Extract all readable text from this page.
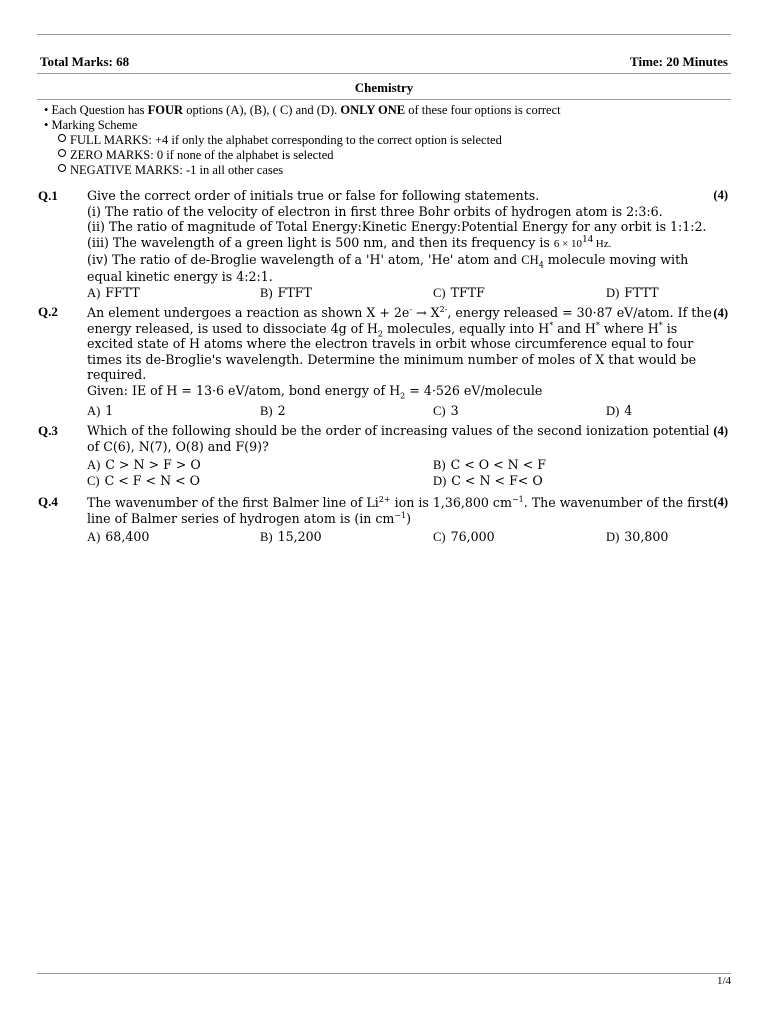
Total Marks: 68	Time: 20 Minutes
Chemistry
• Each Question has FOUR options (A), (B), ( C) and (D). ONLY ONE of these four options is correct
• Marking Scheme
FULL MARKS: +4 if only the alphabet corresponding to the correct option is selected
ZERO MARKS: 0 if none of the alphabet is selected
NEGATIVE MARKS: -1 in all other cases
Q.1	(4)
Give the correct order of initials true or false for following statements.
(i) The ratio of the velocity of electron in first three Bohr orbits of hydrogen atom is 2:3:6.
(ii) The ratio of magnitude of Total Energy:Kinetic Energy:Potential Energy for any orbit is 1:1:2.
(iii) The wavelength of a green light is 500 nm, and then its frequency is $6 \times 10^{14}$ Hz.
(iv) The ratio of de-Broglie wavelength of a 'H' atom, 'He' atom and $CH_4$ molecule moving with
equal kinetic energy is 4:2:1.
A) FFTT	B) FTFT	C) TFTF	D) FTTT
Q.2	(4)
An element undergoes a reaction as shown $X + 2e^- \to X^{2-}$, energy released = 30·87 eV/atom. If the
energy released, is used to dissociate 4g of $H_2$ molecules, equally into H* and H* where H* is
excited state of H atoms where the electron travels in orbit whose circumference equal to four
times its de-Broglie's wavelength. Determine the minimum number of moles of X that would be
required.
Given: IE of H = 13·6 eV/atom, bond energy of $H_2 = 4\cdot 526$ eV/molecule
A) 1	B) 2	C) 3	D) 4
Q.3	(4)
Which of the following should be the order of increasing values of the second ionization potential
of C(6), N(7), O(8) and F(9)?
A) C > N > F > O	B) C < O < N < F
C) C < F < N < O	D) C < N < F< O
Q.4	(4)
The wavenumber of the first Balmer line of $Li^{2+}$ ion is 1,36,800 $cm^{-1}$. The wavenumber of the first
line of Balmer series of hydrogen atom is (in $cm^{-1}$)
A) 68,400	B) 15,200	C) 76,000	D) 30,800
1/4
